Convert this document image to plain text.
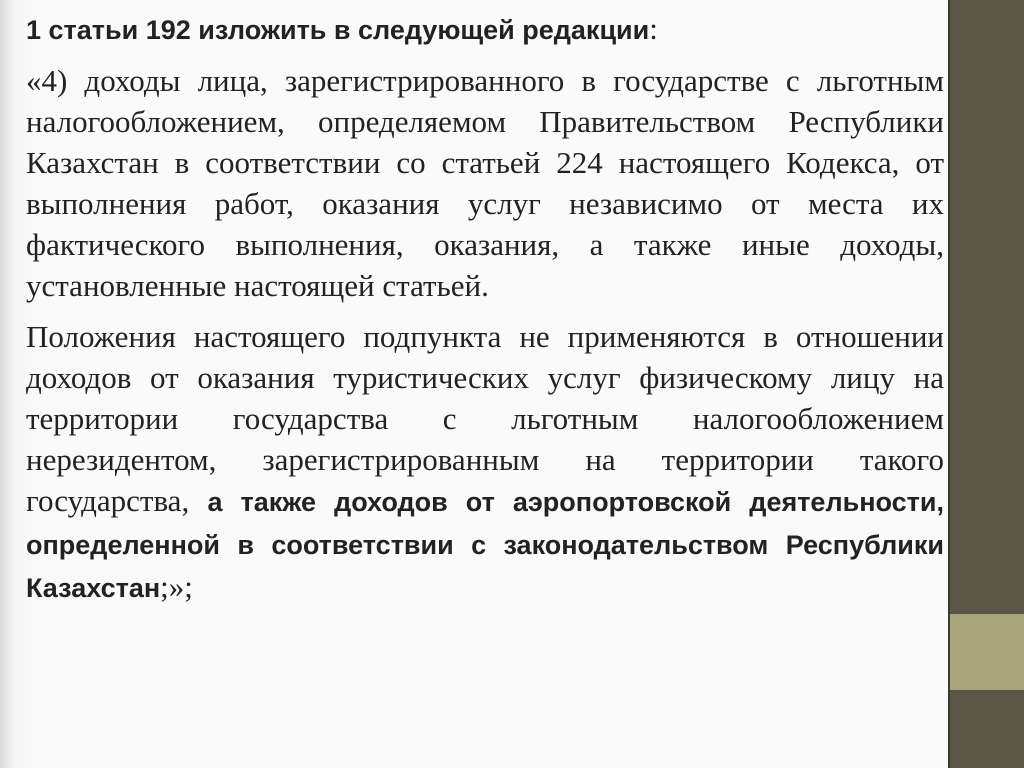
1 статьи 192 изложить в следующей редакции:

«4) доходы лица, зарегистрированного в государстве с льготным налогообложением, определяемом Правительством Республики Казахстан в соответствии со статьей 224 настоящего Кодекса, от выполнения работ, оказания услуг независимо от места их фактического выполнения, оказания, а также иные доходы, установленные настоящей статьей.

Положения настоящего подпункта не применяются в отношении доходов от оказания туристических услуг физическому лицу на территории государства с льготным налогообложением нерезидентом, зарегистрированным на территории такого государства, а также доходов от аэропортовской деятельности, определенной в соответствии с законодательством Республики Казахстан;»;
